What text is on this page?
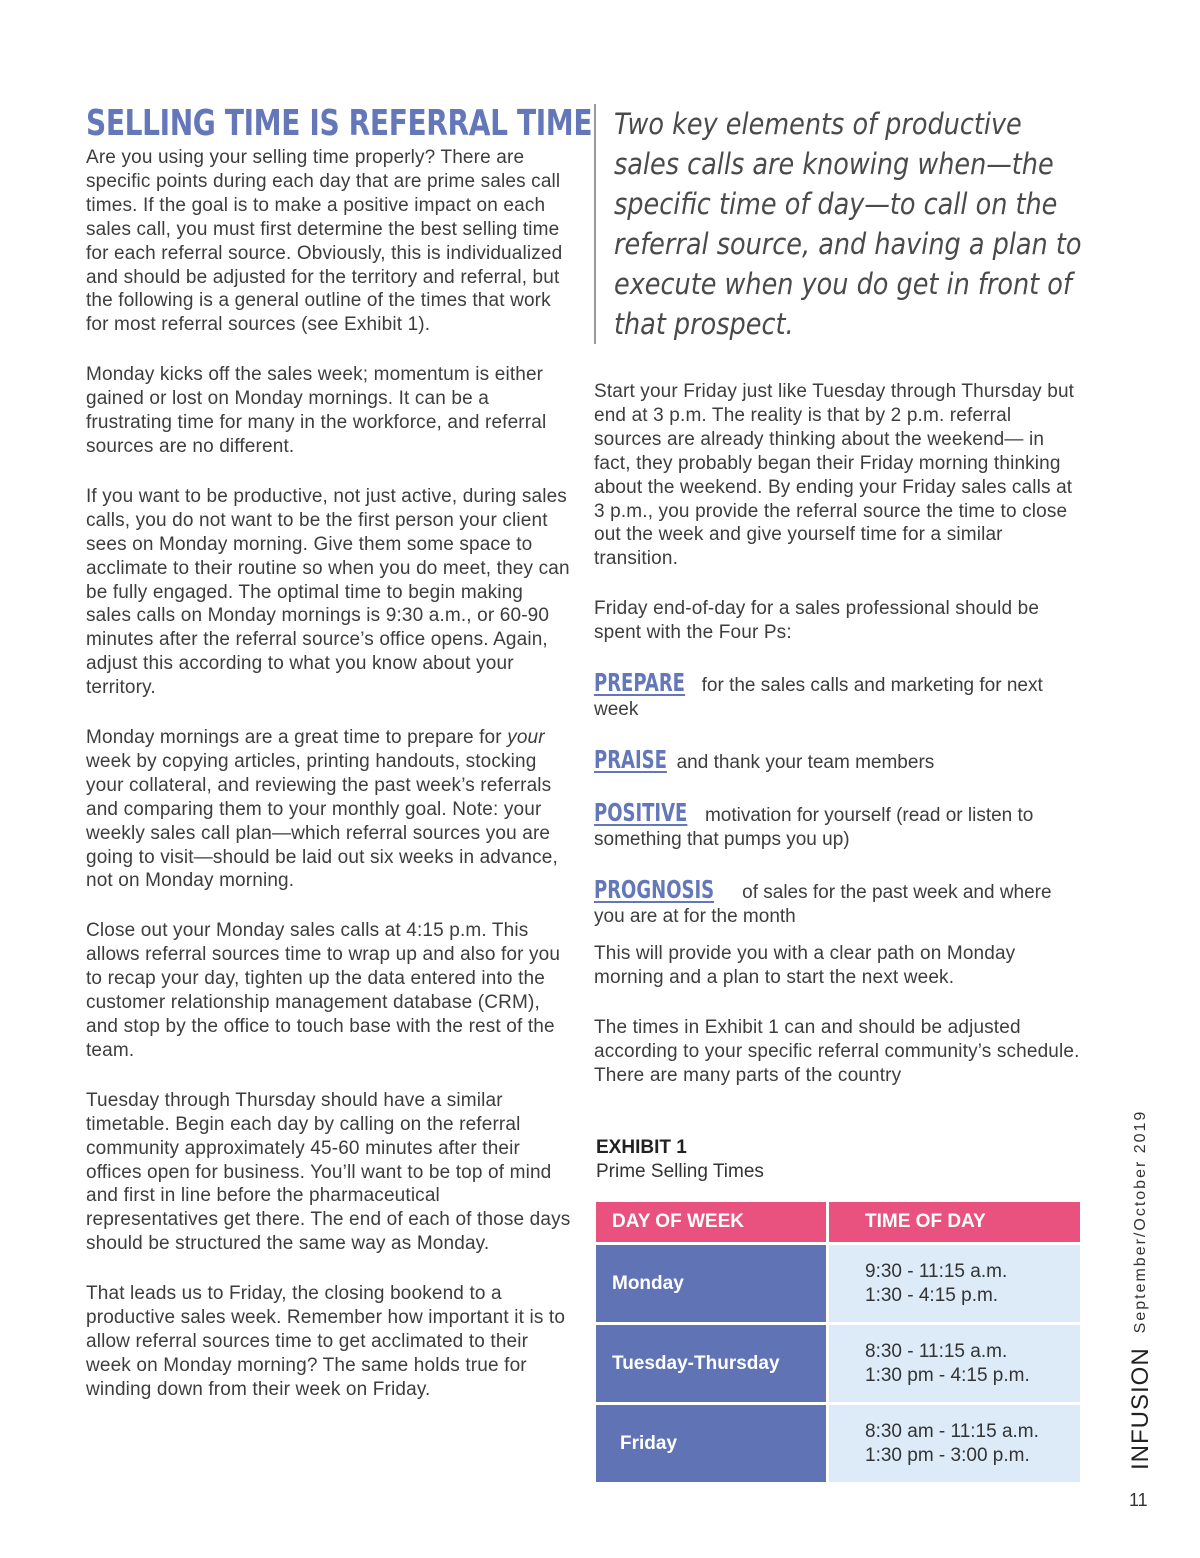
SELLING TIME IS REFERRAL TIME

Are you using your selling time properly? There are specific points during each day that are prime sales call times. If the goal is to make a positive impact on each sales call, you must first determine the best selling time for each referral source. Obviously, this is individualized and should be adjusted for the territory and referral, but the following is a general outline of the times that work for most referral sources (see Exhibit 1).

Monday kicks off the sales week; momentum is either gained or lost on Monday mornings. It can be a frustrating time for many in the workforce, and referral sources are no different.

If you want to be productive, not just active, during sales calls, you do not want to be the first person your client sees on Monday morning. Give them some space to acclimate to their routine so when you do meet, they can be fully engaged. The optimal time to begin making sales calls on Monday mornings is 9:30 a.m., or 60-90 minutes after the referral source’s office opens. Again, adjust this according to what you know about your territory.

Monday mornings are a great time to prepare for your week by copying articles, printing handouts, stocking your collateral, and reviewing the past week’s referrals and comparing them to your monthly goal. Note: your weekly sales call plan—which referral sources you are going to visit—should be laid out six weeks in advance, not on Monday morning.

Close out your Monday sales calls at 4:15 p.m. This allows referral sources time to wrap up and also for you to recap your day, tighten up the data entered into the customer relationship management database (CRM), and stop by the office to touch base with the rest of the team.

Tuesday through Thursday should have a similar timetable. Begin each day by calling on the referral community approximately 45-60 minutes after their offices open for business. You’ll want to be top of mind and first in line before the pharmaceutical representatives get there. The end of each of those days should be structured the same way as Monday.

That leads us to Friday, the closing bookend to a productive sales week. Remember how important it is to allow referral sources time to get acclimated to their week on Monday morning? The same holds true for winding down from their week on Friday.

Two key elements of productive sales calls are knowing when—the specific time of day—to call on the referral source, and having a plan to execute when you do get in front of that prospect.

Start your Friday just like Tuesday through Thursday but end at 3 p.m. The reality is that by 2 p.m. referral sources are already thinking about the weekend— in fact, they probably began their Friday morning thinking about the weekend. By ending your Friday sales calls at 3 p.m., you provide the referral source the time to close out the week and give yourself time for a similar transition.

Friday end-of-day for a sales professional should be spent with the Four Ps:

PREPARE for the sales calls and marketing for next week

PRAISE and thank your team members

POSITIVE motivation for yourself (read or listen to something that pumps you up)

PROGNOSIS of sales for the past week and where you are at for the month

This will provide you with a clear path on Monday morning and a plan to start the next week.

The times in Exhibit 1 can and should be adjusted according to your specific referral community’s schedule. There are many parts of the country

EXHIBIT 1
Prime Selling Times
DAY OF WEEK	TIME OF DAY
Monday	9:30 - 11:15 a.m.
1:30 - 4:15 p.m.

Tuesday-Thursday	8:30 - 11:15 a.m.
1:30 pm - 4:15 p.m.

Friday	8:30 am - 11:15 a.m.
1:30 pm - 3:00 p.m.	INFUSION
September/October 2019
11
